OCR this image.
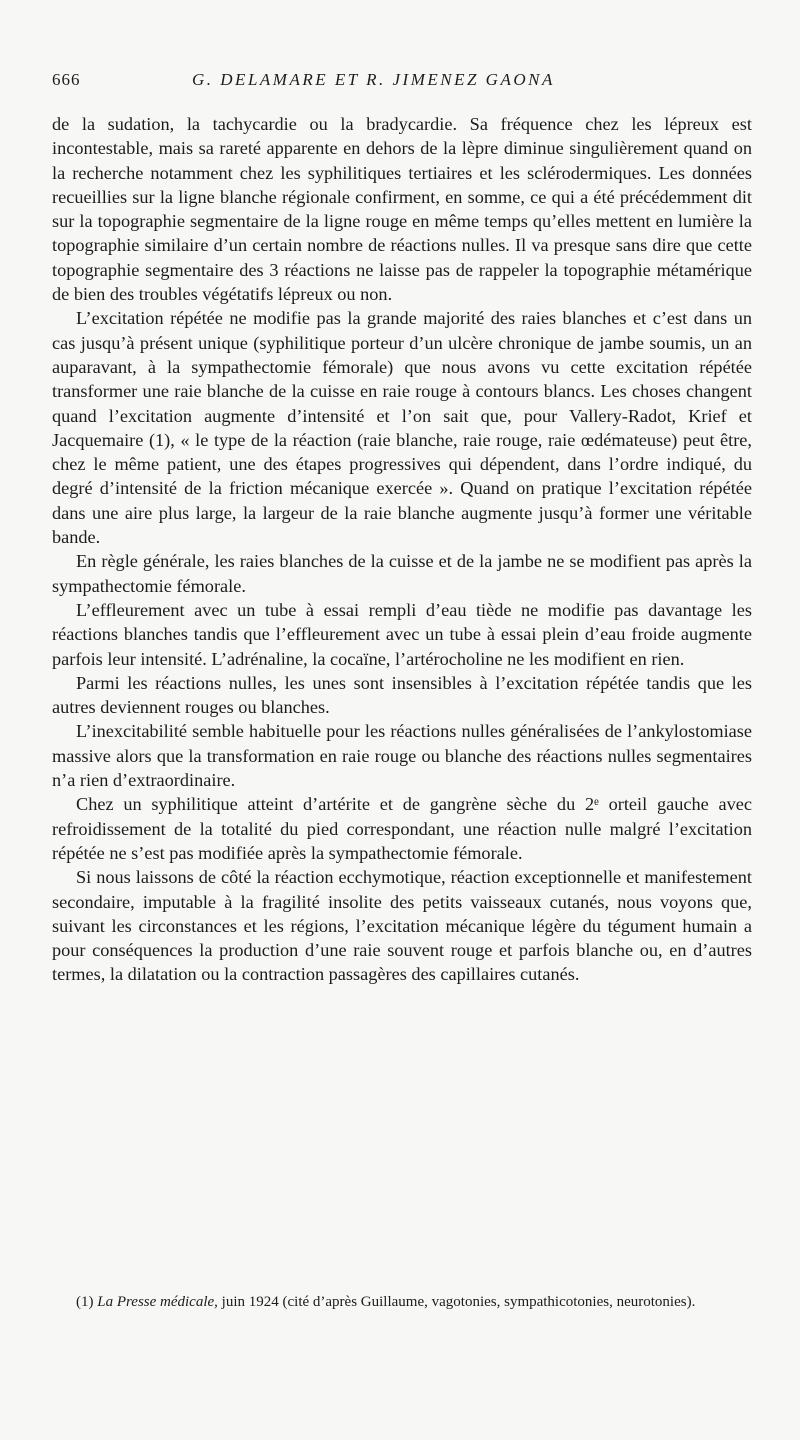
666	G. DELAMARE ET R. JIMENEZ GAONA

de la sudation, la tachycardie ou la bradycardie. Sa fréquence chez les lépreux est incontestable, mais sa rareté apparente en dehors de la lèpre diminue singulièrement quand on la recherche notamment chez les syphilitiques tertiaires et les sclérodermiques. Les données recueillies sur la ligne blanche régionale confirment, en somme, ce qui a été précédemment dit sur la topographie segmentaire de la ligne rouge en même temps qu’elles mettent en lumière la topographie similaire d’un certain nombre de réactions nulles. Il va presque sans dire que cette topographie segmentaire des 3 réactions ne laisse pas de rappeler la topographie métamérique de bien des troubles végétatifs lépreux ou non.

L’excitation répétée ne modifie pas la grande majorité des raies blanches et c’est dans un cas jusqu’à présent unique (syphilitique porteur d’un ulcère chronique de jambe soumis, un an auparavant, à la sympathectomie fémorale) que nous avons vu cette excitation répétée transformer une raie blanche de la cuisse en raie rouge à contours blancs. Les choses changent quand l’excitation augmente d’intensité et l’on sait que, pour Vallery-Radot, Krief et Jacquemaire (1), « le type de la réaction (raie blanche, raie rouge, raie œdémateuse) peut être, chez le même patient, une des étapes progressives qui dépendent, dans l’ordre indiqué, du degré d’intensité de la friction mécanique exercée ». Quand on pratique l’excitation répétée dans une aire plus large, la largeur de la raie blanche augmente jusqu’à former une véritable bande.

En règle générale, les raies blanches de la cuisse et de la jambe ne se modifient pas après la sympathectomie fémorale.

L’effleurement avec un tube à essai rempli d’eau tiède ne modifie pas davantage les réactions blanches tandis que l’effleurement avec un tube à essai plein d’eau froide augmente parfois leur intensité. L’adrénaline, la cocaïne, l’artérocholine ne les modifient en rien.

Parmi les réactions nulles, les unes sont insensibles à l’excitation répétée tandis que les autres deviennent rouges ou blanches.

L’inexcitabilité semble habituelle pour les réactions nulles généralisées de l’ankylostomiase massive alors que la transformation en raie rouge ou blanche des réactions nulles segmentaires n’a rien d’extraordinaire.

Chez un syphilitique atteint d’artérite et de gangrène sèche du 2ᵉ orteil gauche avec refroidissement de la totalité du pied correspondant, une réaction nulle malgré l’excitation répétée ne s’est pas modifiée après la sympathectomie fémorale.

Si nous laissons de côté la réaction ecchymotique, réaction exceptionnelle et manifestement secondaire, imputable à la fragilité insolite des petits vaisseaux cutanés, nous voyons que, suivant les circonstances et les régions, l’excitation mécanique légère du tégument humain a pour conséquences la production d’une raie souvent rouge et parfois blanche ou, en d’autres termes, la dilatation ou la contraction passagères des capillaires cutanés.

(1) La Presse médicale, juin 1924 (cité d’après Guillaume, vagotonies, sympathicotonies, neurotonies).
